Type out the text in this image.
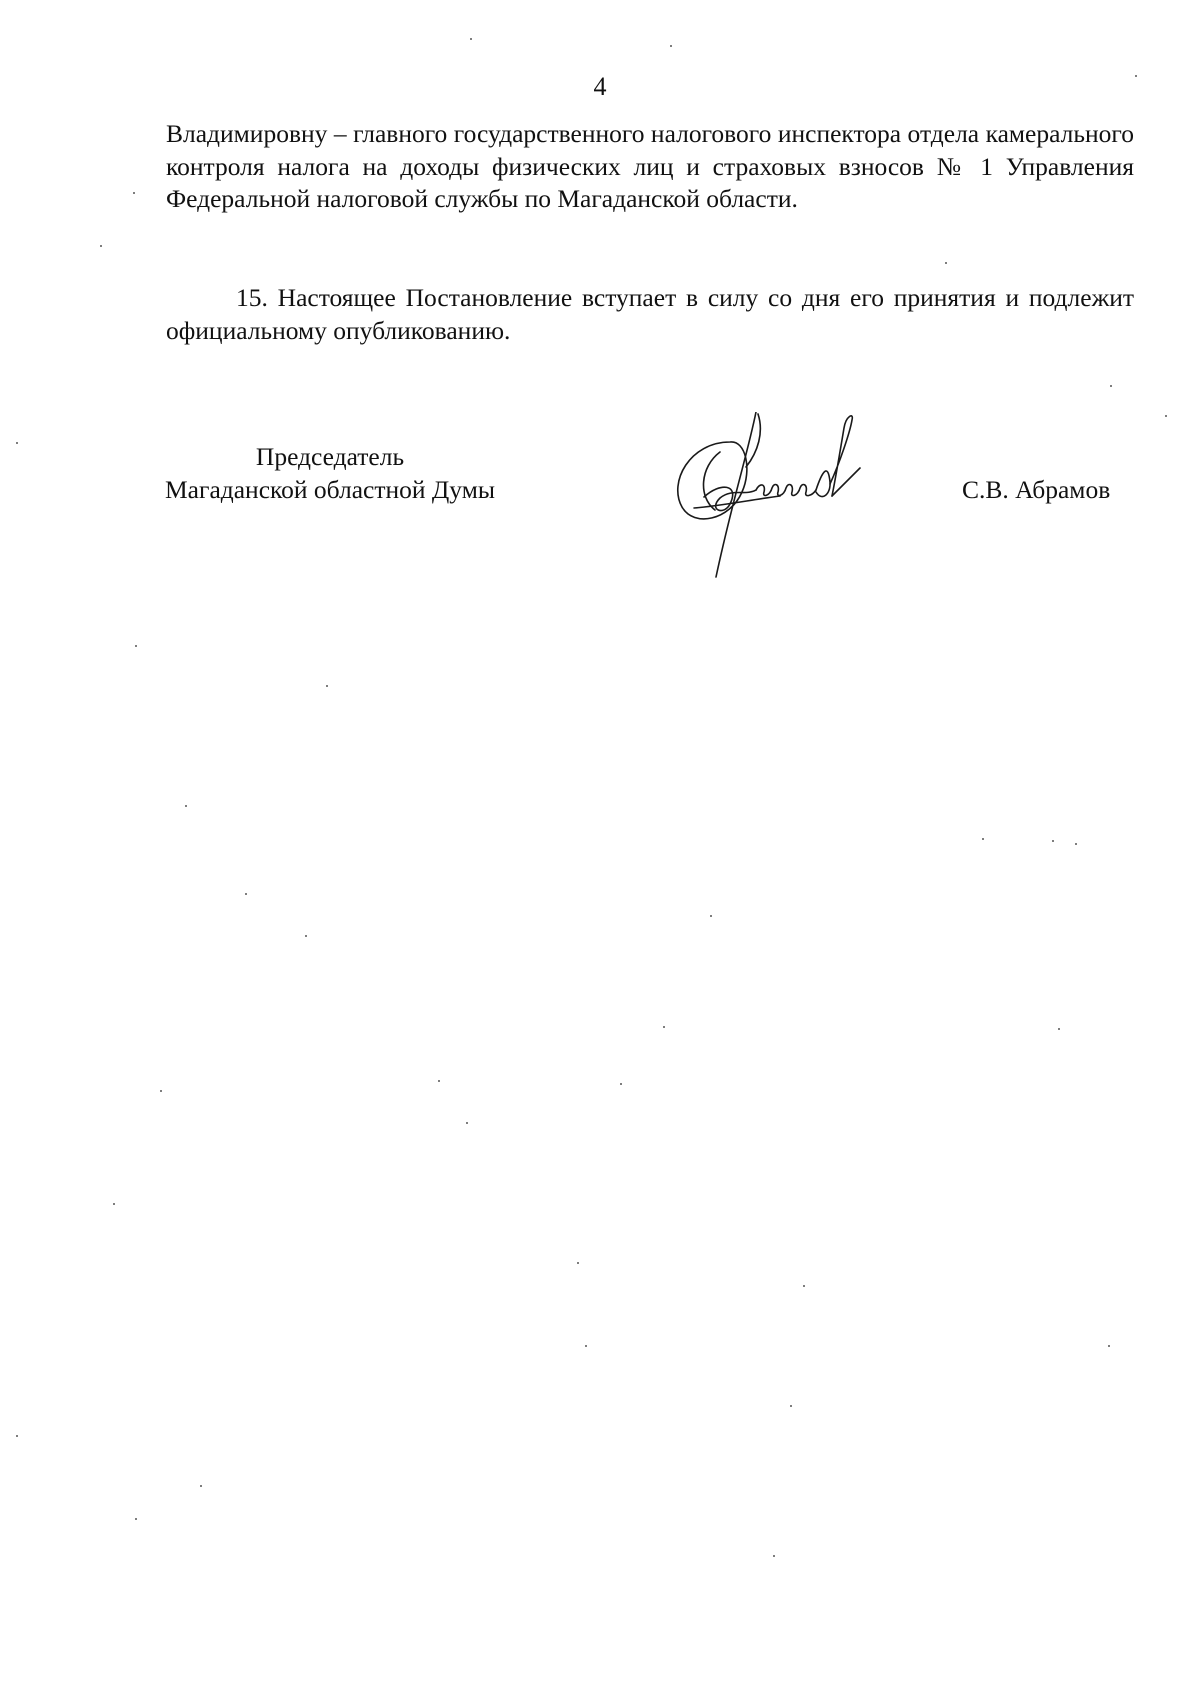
4

Владимировну – главного государственного налогового инспектора отдела камерального контроля налога на доходы физических лиц и страховых взносов № 1 Управления Федеральной налоговой службы по Магаданской области.

15. Настоящее Постановление вступает в силу со дня его принятия и подлежит официальному опубликованию.

Председатель
Магаданской областной Думы	С.В. Абрамов
